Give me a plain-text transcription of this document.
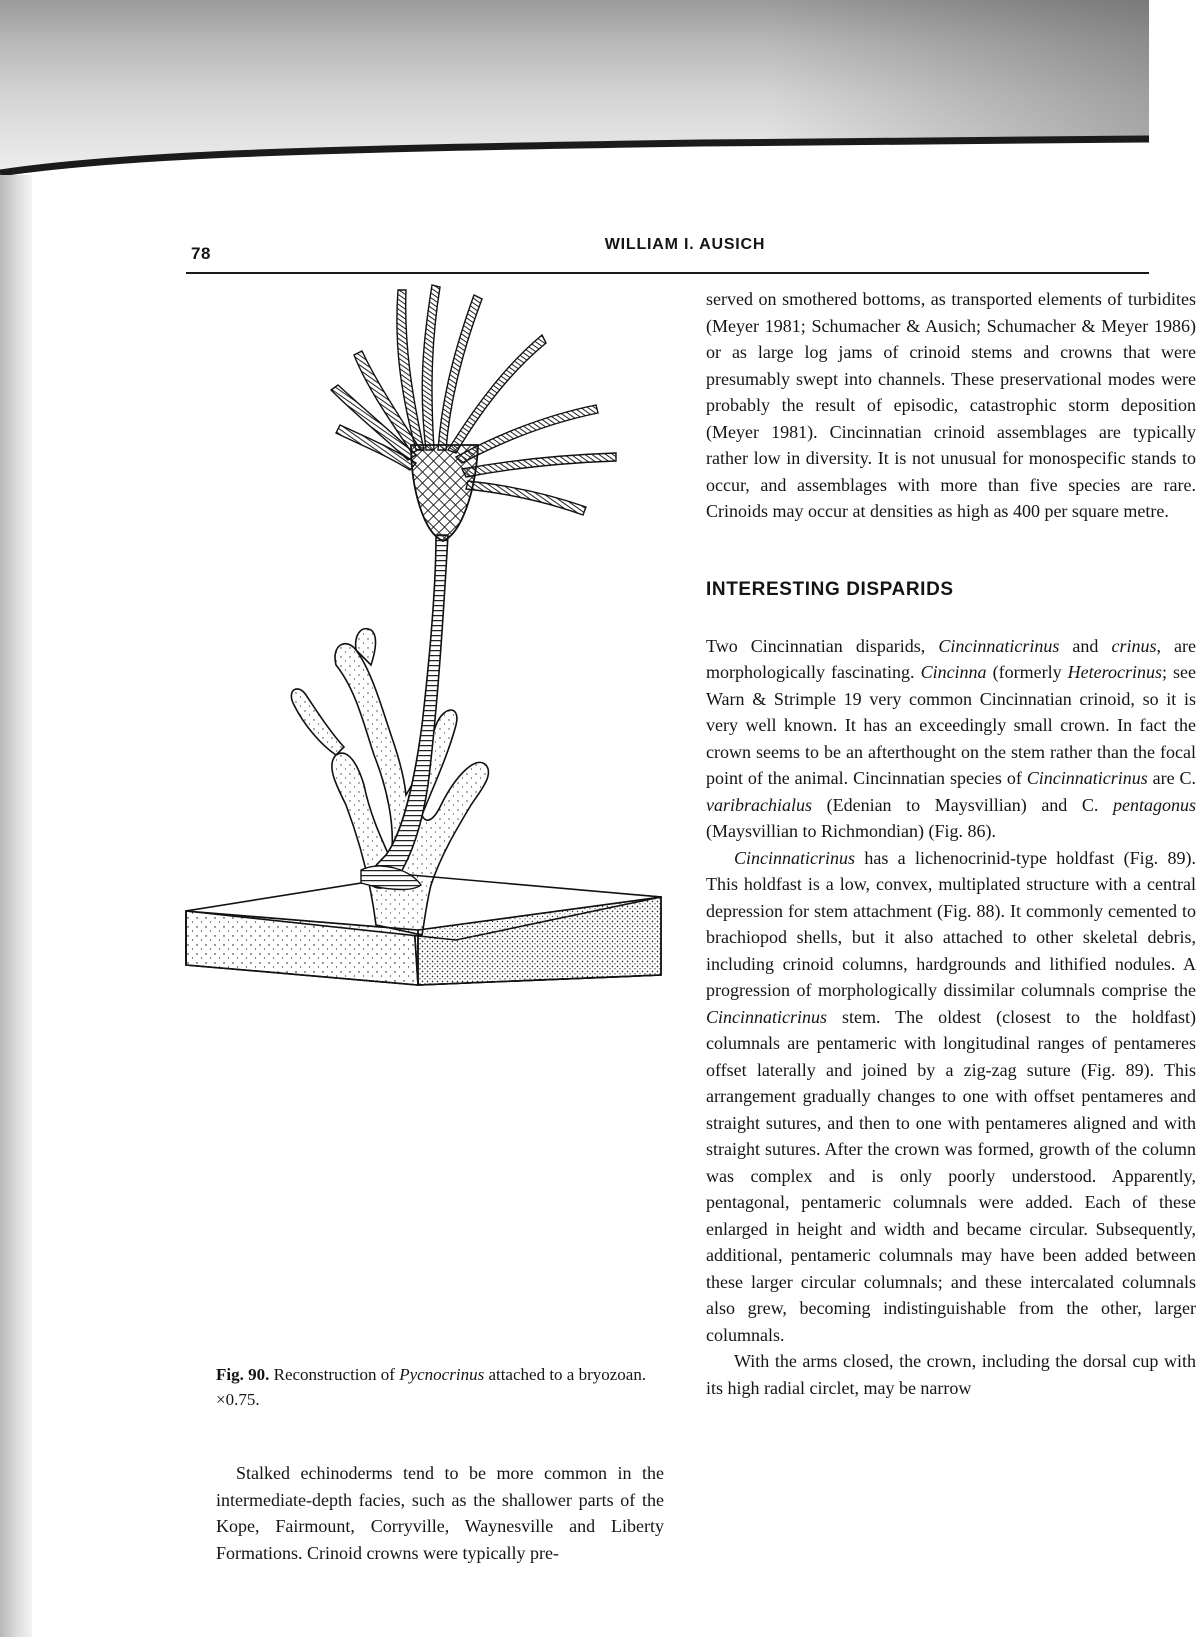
78	WILLIAM I. AUSICH
Fig. 90. Reconstruction of Pycnocrinus attached to a bryozoan.
×0.75.

Stalked echinoderms tend to be more common in the intermediate-depth facies, such as the shallower parts of the Kope, Fairmount, Corryville, Waynesville and Liberty Formations. Crinoid crowns were typically pre-

served on smothered bottoms, as transported elements of turbidites (Meyer 1981; Schumacher & Ausich; Schumacher & Meyer 1986) or as large log jams of crinoid stems and crowns that were presumably swept into channels. These preservational modes were probably the result of episodic, catastrophic storm deposition (Meyer 1981). Cincinnatian crinoid assemblages are typically rather low in diversity. It is not unusual for monospecific stands to occur, and assemblages with more than five species are rare. Crinoids may occur at densities as high as 400 per square metre.

INTERESTING DISPARIDS

Two Cincinnatian disparids, Cincinnaticrinus and crinus, are morphologically fascinating. Cincinna (formerly Heterocrinus; see Warn & Strimple 19 very common Cincinnatian crinoid, so it is very well known. It has an exceedingly small crown. In fact the crown seems to be an afterthought on the stem rather than the focal point of the animal. Cincinnatian species of Cincinnaticrinus are C. varibrachialus (Edenian to Maysvillian) and C. pentagonus (Maysvillian to Richmondian) (Fig. 86).

Cincinnaticrinus has a lichenocrinid-type holdfast (Fig. 89). This holdfast is a low, convex, multiplated structure with a central depression for stem attachment (Fig. 88). It commonly cemented to brachiopod shells, but it also attached to other skeletal debris, including crinoid columns, hardgrounds and lithified nodules. A progression of morphologically dissimilar columnals comprise the Cincinnaticrinus stem. The oldest (closest to the holdfast) columnals are pentameric with longitudinal ranges of pentameres offset laterally and joined by a zig-zag suture (Fig. 89). This arrangement gradually changes to one with offset pentameres and straight sutures, and then to one with pentameres aligned and with straight sutures. After the crown was formed, growth of the column was complex and is only poorly understood. Apparently, pentagonal, pentameric columnals were added. Each of these enlarged in height and width and became circular. Subsequently, additional, pentameric columnals may have been added between these larger circular columnals; and these intercalated columnals also grew, becoming indistinguishable from the other, larger columnals.

With the arms closed, the crown, including the dorsal cup with its high radial circlet, may be narrow
